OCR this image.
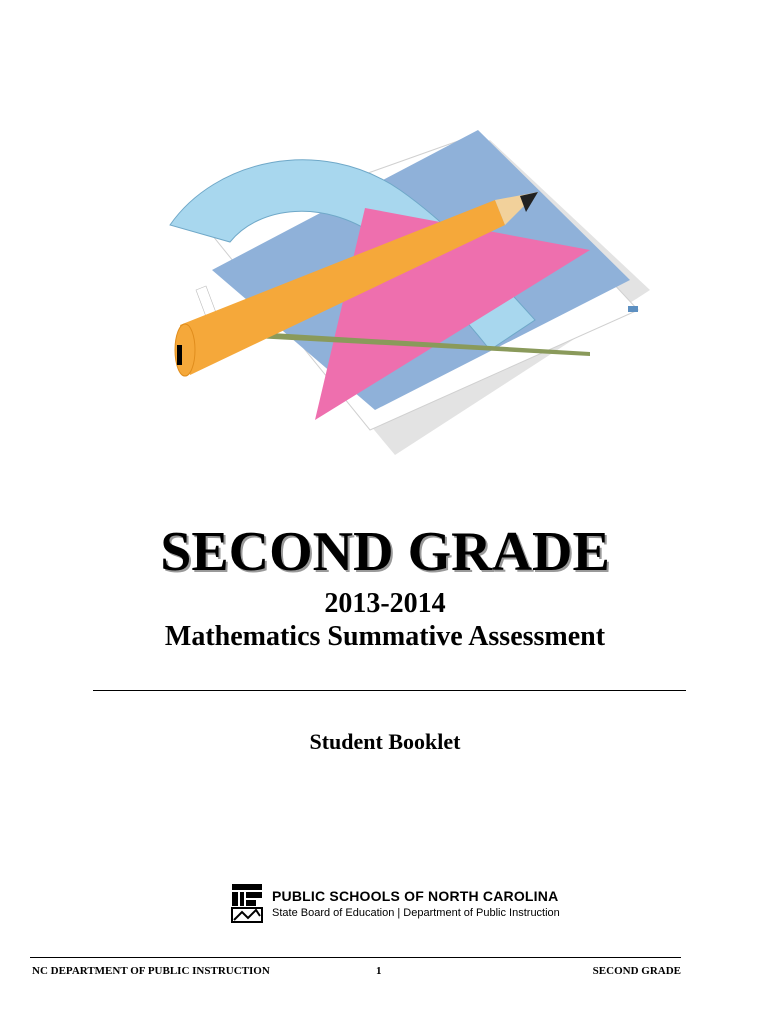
SECOND GRADE
2013-2014
Mathematics Summative Assessment
Student Booklet
PUBLIC SCHOOLS OF NORTH CAROLINA
State Board of Education | Department of Public Instruction
NC DEPARTMENT OF PUBLIC INSTRUCTION	1	SECOND GRADE
